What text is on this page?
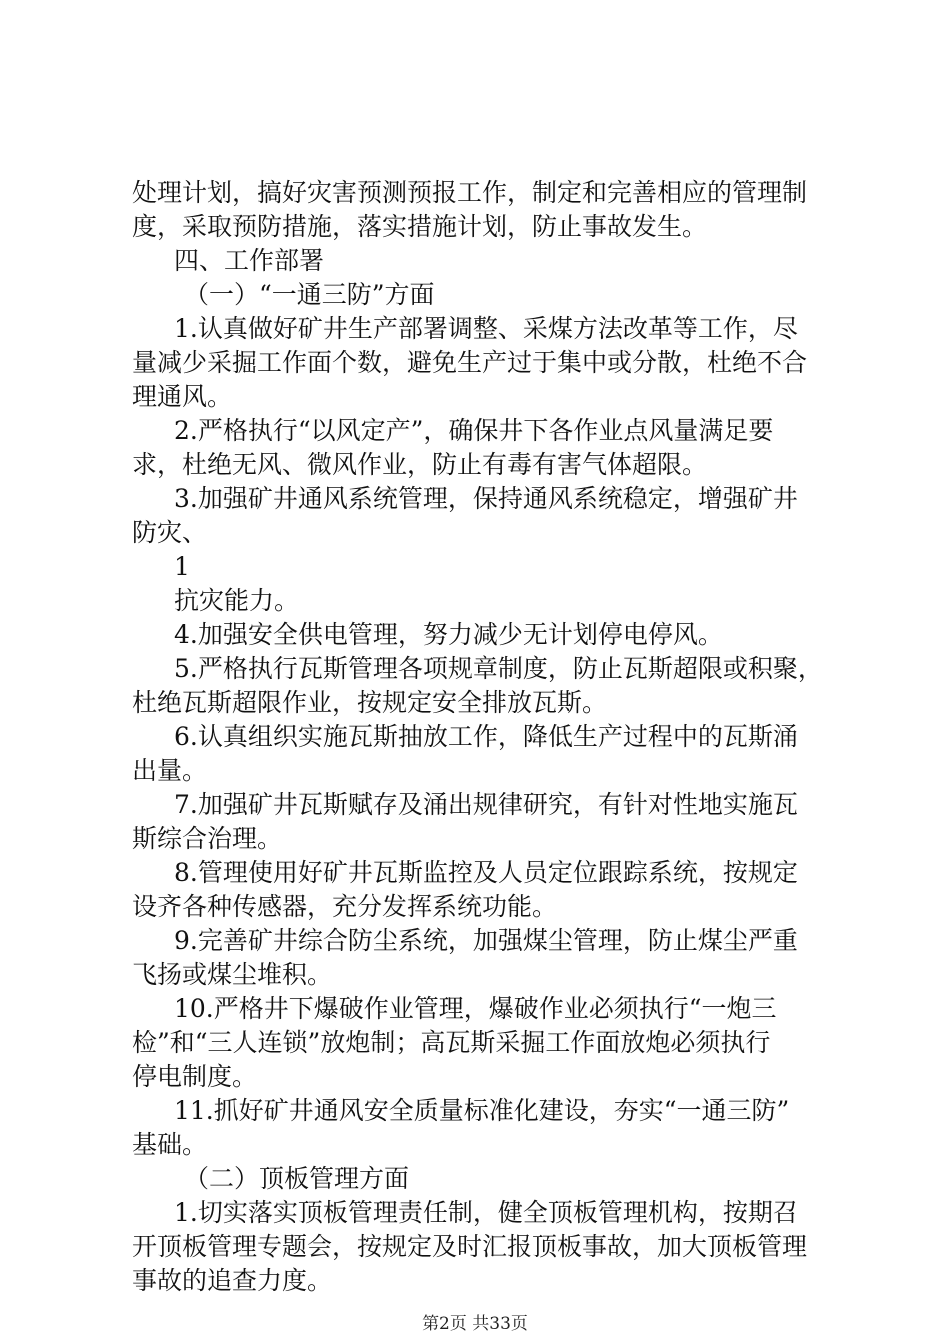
处理计划，搞好灾害预测预报工作，制定和完善相应的管理制
度，采取预防措施，落实措施计划，防止事故发生。
四、工作部署
（一）“一通三防”方面
1.认真做好矿井生产部署调整、采煤方法改革等工作，尽
量减少采掘工作面个数，避免生产过于集中或分散，杜绝不合
理通风。
2.严格执行“以风定产”，确保井下各作业点风量满足要
求，杜绝无风、微风作业，防止有毒有害气体超限。
3.加强矿井通风系统管理，保持通风系统稳定，增强矿井
防灾、
1
抗灾能力。
4.加强安全供电管理，努力减少无计划停电停风。
5.严格执行瓦斯管理各项规章制度，防止瓦斯超限或积聚，
杜绝瓦斯超限作业，按规定安全排放瓦斯。
6.认真组织实施瓦斯抽放工作，降低生产过程中的瓦斯涌
出量。
7.加强矿井瓦斯赋存及涌出规律研究，有针对性地实施瓦
斯综合治理。
8.管理使用好矿井瓦斯监控及人员定位跟踪系统，按规定
设齐各种传感器，充分发挥系统功能。
9.完善矿井综合防尘系统，加强煤尘管理，防止煤尘严重
飞扬或煤尘堆积。
10.严格井下爆破作业管理，爆破作业必须执行“一炮三
检”和“三人连锁”放炮制；高瓦斯采掘工作面放炮必须执行
停电制度。
11.抓好矿井通风安全质量标准化建设，夯实“一通三防”
基础。
（二）顶板管理方面
1.切实落实顶板管理责任制，健全顶板管理机构，按期召
开顶板管理专题会，按规定及时汇报顶板事故，加大顶板管理
事故的追查力度。
第2页 共33页
